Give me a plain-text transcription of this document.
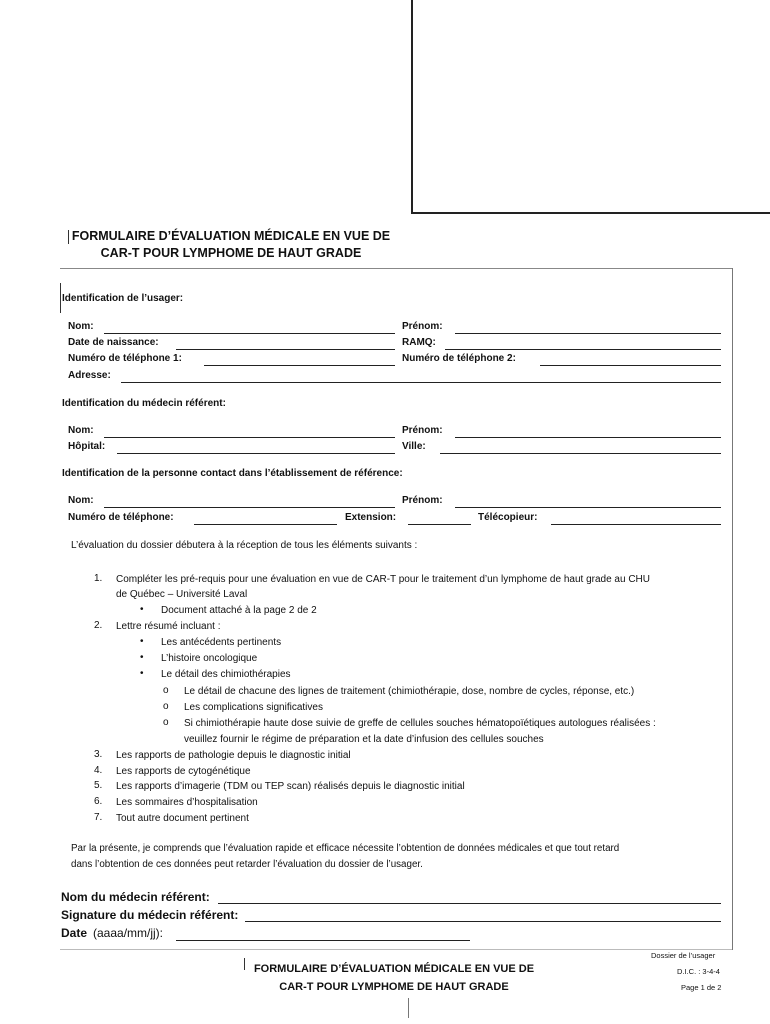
FORMULAIRE D’ÉVALUATION MÉDICALE EN VUE DE
CAR-T POUR LYMPHOME DE HAUT GRADE
Identification de l’usager:
Nom:	Prénom:
Date de naissance:	RAMQ:
Numéro de téléphone 1:	Numéro de téléphone 2:
Adresse:
Identification du médecin référent:
Nom:	Prénom:
Hôpital:	Ville:
Identification de la personne contact dans l’établissement de référence:
Nom:	Prénom:
Numéro de téléphone:	Extension:	Télécopieur:
L’évaluation du dossier débutera à la réception de tous les éléments suivants :
1. Compléter les pré-requis pour une évaluation en vue de CAR-T pour le traitement d’un lymphome de haut grade au CHU
de Québec – Université Laval
• Document attaché à la page 2 de 2
2. Lettre résumé incluant :
• Les antécédents pertinents
• L’histoire oncologique
• Le détail des chimiothérapies
o Le détail de chacune des lignes de traitement (chimiothérapie, dose, nombre de cycles, réponse, etc.)
o Les complications significatives
o Si chimiothérapie haute dose suivie de greffe de cellules souches hématopoïétiques autologues réalisées :
veuillez fournir le régime de préparation et la date d’infusion des cellules souches
3. Les rapports de pathologie depuis le diagnostic initial
4. Les rapports de cytogénétique
5. Les rapports d’imagerie (TDM ou TEP scan) réalisés depuis le diagnostic initial
6. Les sommaires d’hospitalisation
7. Tout autre document pertinent
Par la présente, je comprends que l’évaluation rapide et efficace nécessite l’obtention de données médicales et que tout retard
dans l’obtention de ces données peut retarder l’évaluation du dossier de l’usager.
Nom du médecin référent:
Signature du médecin référent:
Date (aaaa/mm/jj):
FORMULAIRE D’ÉVALUATION MÉDICALE EN VUE DE
CAR-T POUR LYMPHOME DE HAUT GRADE
Dossier de l’usager
D.I.C. : 3-4-4
Page 1 de 2
